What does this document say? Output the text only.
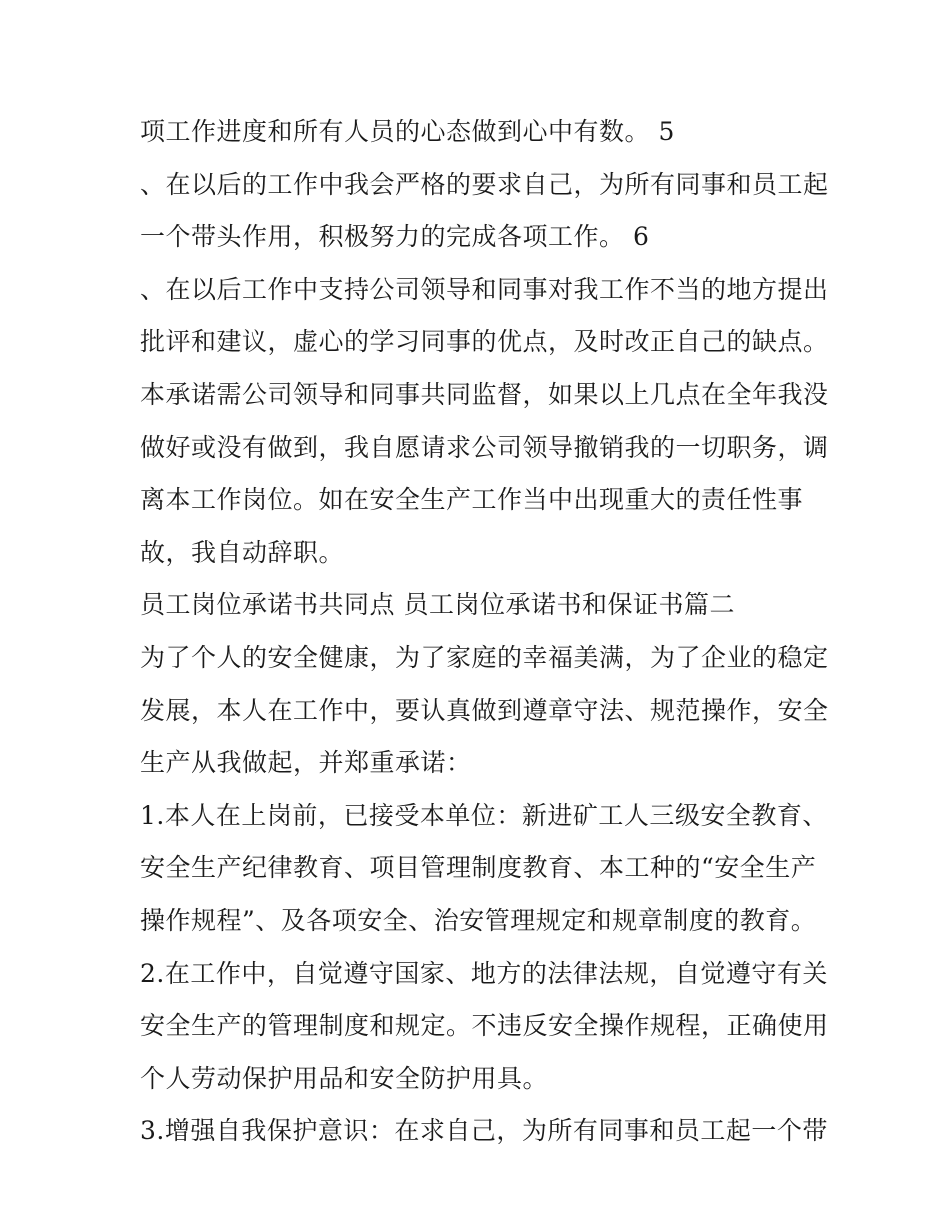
项工作进度和所有人员的心态做到心中有数。 5
、在以后的工作中我会严格的要求自己，为所有同事和员工起
一个带头作用，积极努力的完成各项工作。 6
、在以后工作中支持公司领导和同事对我工作不当的地方提出
批评和建议，虚心的学习同事的优点，及时改正自己的缺点。
本承诺需公司领导和同事共同监督，如果以上几点在全年我没
做好或没有做到，我自愿请求公司领导撤销我的一切职务，调
离本工作岗位。如在安全生产工作当中出现重大的责任性事
故，我自动辞职。
员工岗位承诺书共同点 员工岗位承诺书和保证书篇二
为了个人的安全健康，为了家庭的幸福美满，为了企业的稳定
发展，本人在工作中，要认真做到遵章守法、规范操作，安全
生产从我做起，并郑重承诺：
1.本人在上岗前，已接受本单位：新进矿工人三级安全教育、
安全生产纪律教育、项目管理制度教育、本工种的“安全生产
操作规程”、及各项安全、治安管理规定和规章制度的教育。
2.在工作中，自觉遵守国家、地方的法律法规，自觉遵守有关
安全生产的管理制度和规定。不违反安全操作规程，正确使用
个人劳动保护用品和安全防护用具。
3.增强自我保护意识：在求自己，为所有同事和员工起一个带
